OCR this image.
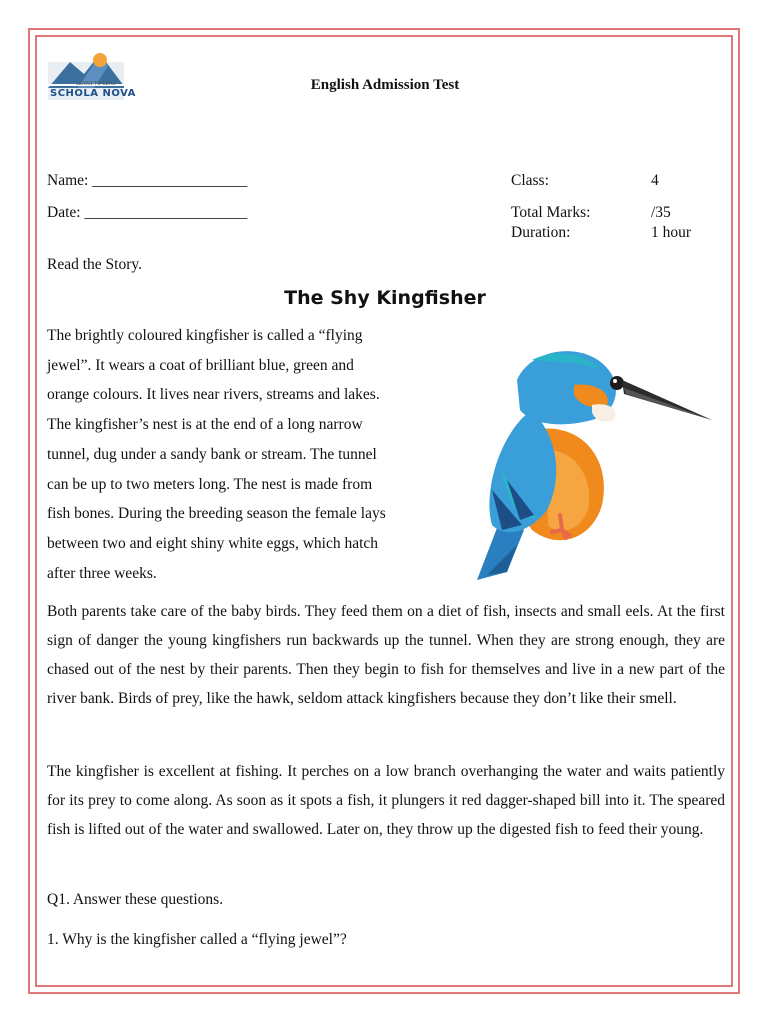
LEARN TO LEAD
SCHOLA NOVA
English Admission Test
Name: ____________________
Date: _____________________
Class:	4
Total Marks:	/35
Duration:	1 hour
Read the Story.
The Shy Kingfisher
The brightly coloured kingfisher is called a “flying
jewel”. It wears a coat of brilliant blue, green and
orange colours. It lives near rivers, streams and lakes.
The kingfisher’s nest is at the end of a long narrow
tunnel, dug under a sandy bank or stream. The tunnel
can be up to two meters long. The nest is made from
fish bones. During the breeding season the female lays
between two and eight shiny white eggs, which hatch
after three weeks.
Both parents take care of the baby birds. They feed them on a diet of fish, insects and small eels. At the first sign of danger the young kingfishers run backwards up the tunnel. When they are strong enough, they are chased out of the nest by their parents. Then they begin to fish for themselves and live in a new part of the river bank. Birds of prey, like the hawk, seldom attack kingfishers because they don’t like their smell.
The kingfisher is excellent at fishing. It perches on a low branch overhanging the water and waits patiently for its prey to come along. As soon as it spots a fish, it plungers it red dagger-shaped bill into it. The speared fish is lifted out of the water and swallowed. Later on, they throw up the digested fish to feed their young.
Q1. Answer these questions.
1. Why is the kingfisher called a “flying jewel”?
